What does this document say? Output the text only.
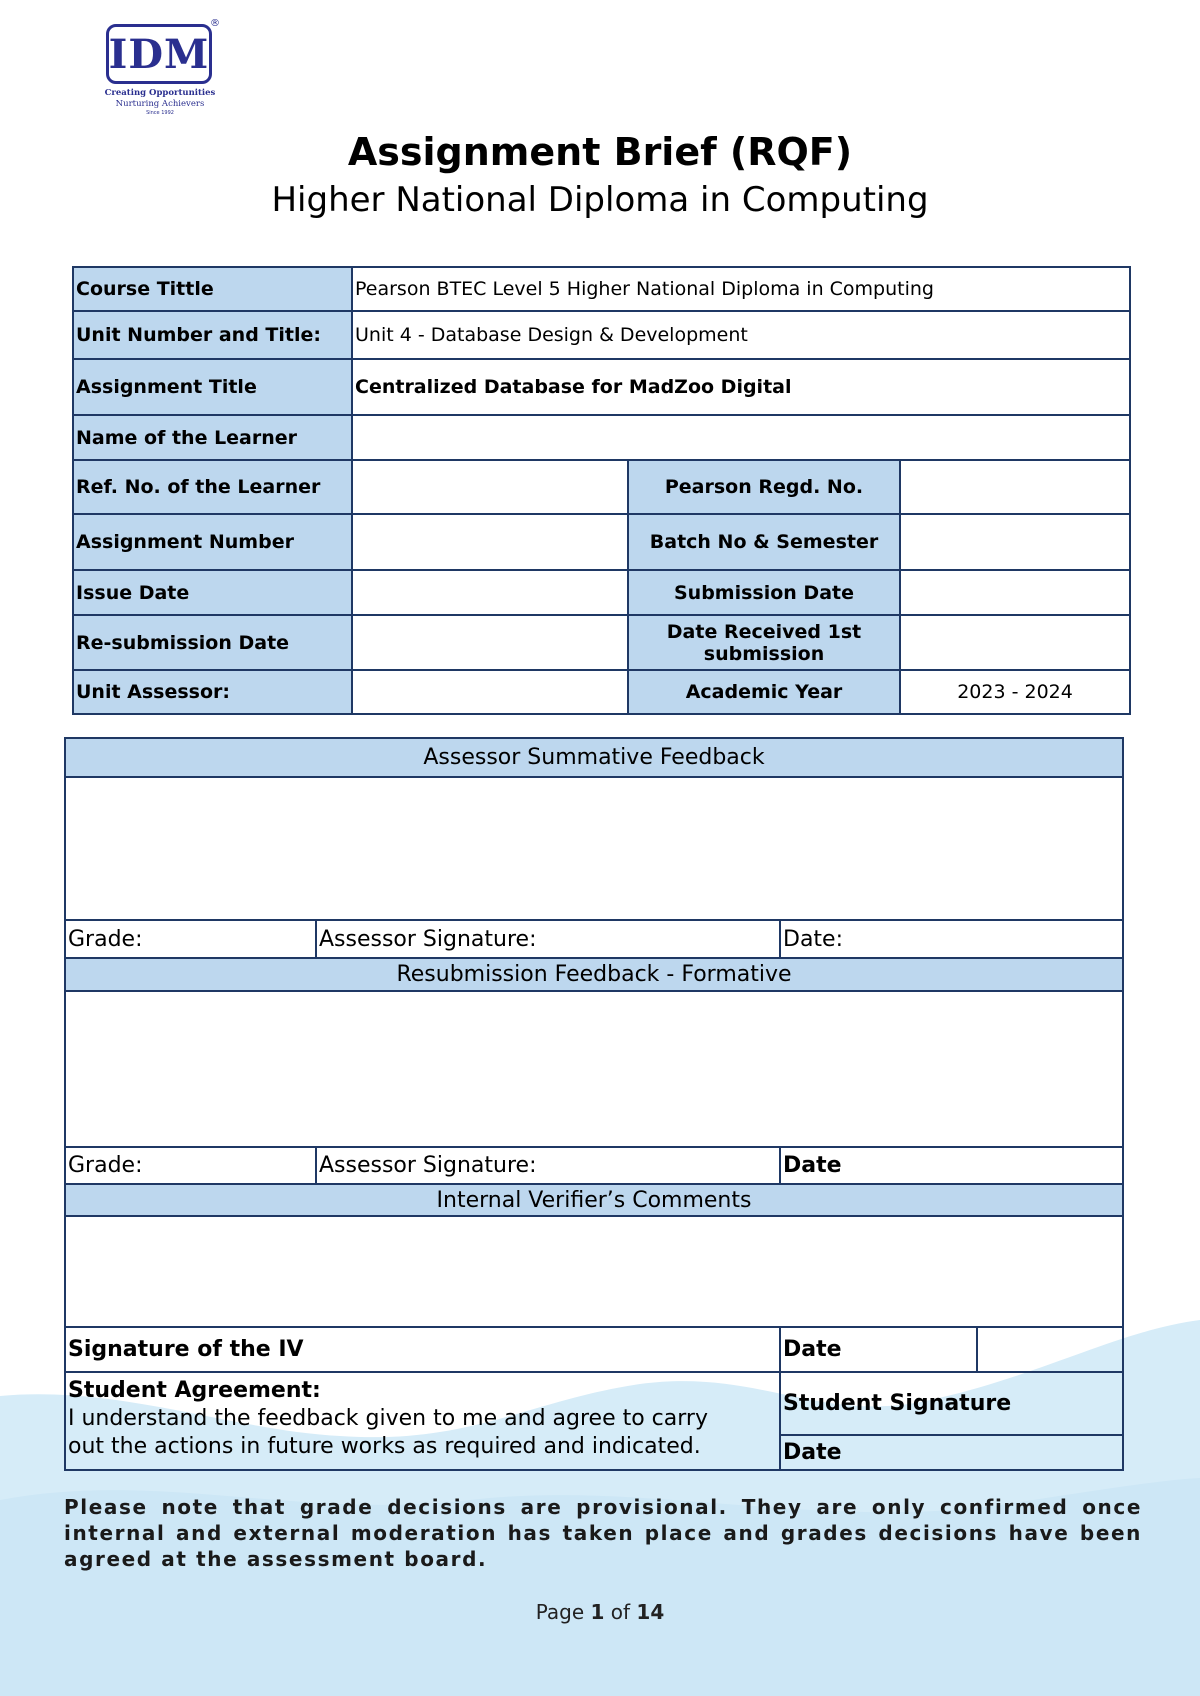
IDM
®
Creating Opportunities
Nurturing Achievers
Since 1992
Assignment Brief (RQF)
Higher National Diploma in Computing
Course Tittle	Pearson BTEC Level 5 Higher National Diploma in Computing		
Unit Number and Title:	Unit 4 - Database Design & Development		
Assignment Title	Centralized Database for MadZoo Digital		
Name of the Learner			
Ref. No. of the Learner		Pearson Regd. No.	
Assignment Number		Batch No & Semester	
Issue Date		Submission Date	
Re-submission Date		Date Received 1st submission	
Unit Assessor:		Academic Year	2023 - 2024
Assessor Summative Feedback			

Grade:	Assessor Signature:	Date:	
Resubmission Feedback - Formative			

Grade:	Assessor Signature:	Date	
Internal Verifier’s Comments			

Signature of the IV		Date	

Student Agreement:
I understand the feedback given to me and agree to carry out the actions in future works as required and indicated.		Student Signature	
		Date	
Please note that grade decisions are provisional. They are only confirmed once internal and external moderation has taken place and grades decisions have been agreed at the assessment board.
Page 1 of 14
